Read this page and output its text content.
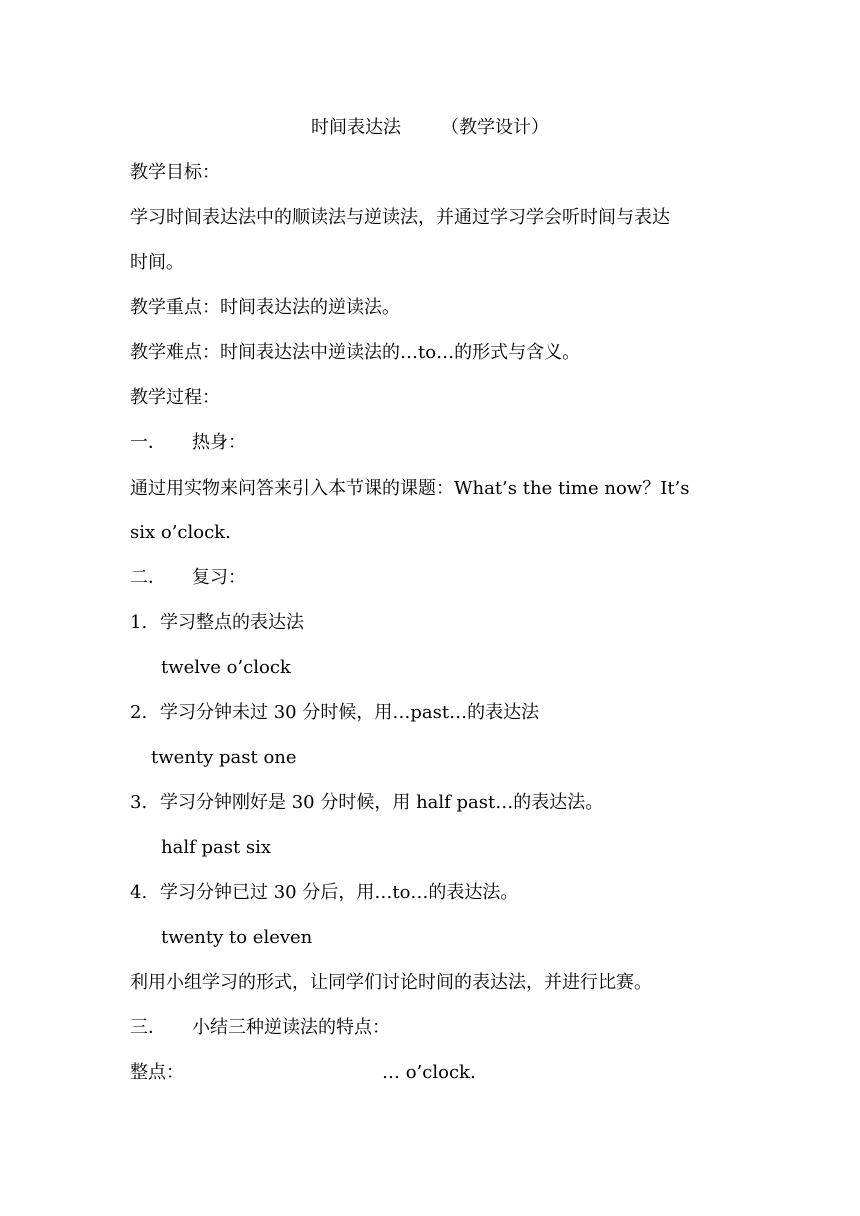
时间表达法 （教学设计）
教学目标：
学习时间表达法中的顺读法与逆读法，并通过学习学会听时间与表达
时间。
教学重点：时间表达法的逆读法。
教学难点：时间表达法中逆读法的…to…的形式与含义。
教学过程：
一． 热身：
通过用实物来问答来引入本节课的课题：What’s the time now？It’s
six o’clock.
二． 复习：
1. 学习整点的表达法
twelve o’clock
2. 学习分钟未过 30 分时候，用…past…的表达法
twenty past one
3. 学习分钟刚好是 30 分时候，用 half past…的表达法。
half past six
4. 学习分钟已过 30 分后，用…to…的表达法。
twenty to eleven
利用小组学习的形式，让同学们讨论时间的表达法，并进行比赛。
三． 小结三种逆读法的特点：
整点：	… o’clock.
